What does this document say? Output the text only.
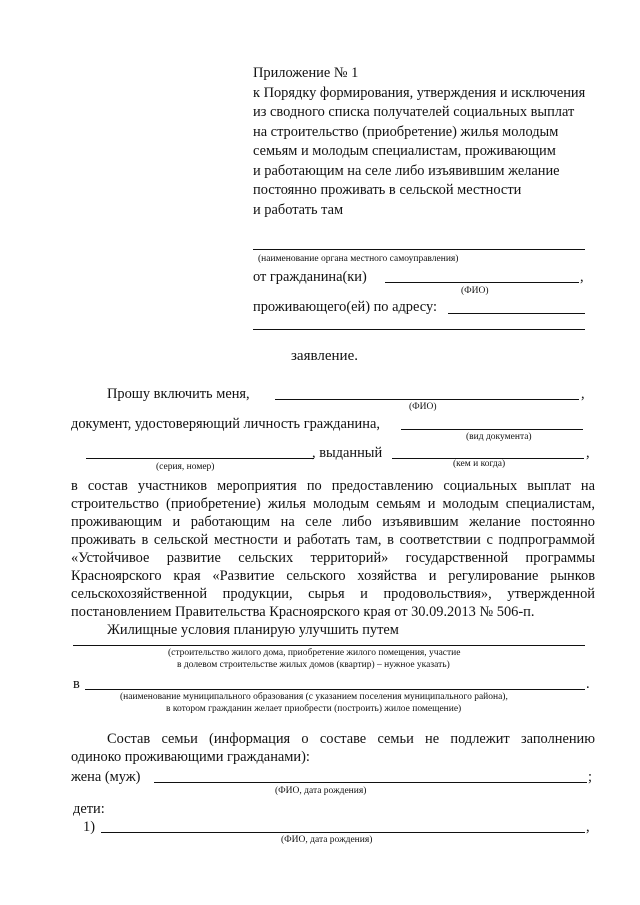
Приложение № 1
к Порядку формирования, утверждения и исключения
из сводного списка получателей социальных выплат
на строительство (приобретение) жилья молодым
семьям и молодым специалистам, проживающим
и работающим на селе либо изъявившим желание
постоянно проживать в сельской местности
и работать там
(наименование органа местного самоуправления)
от гражданина(ки)	,
(ФИО)
проживающего(ей) по адресу:
заявление.
Прошу включить меня,	,
(ФИО)
документ, удостоверяющий личность гражданина,
(вид документа)
, выданный	,
(серия, номер)	(кем и когда)
в состав участников мероприятия по предоставлению социальных выплат на
строительство (приобретение) жилья молодым семьям и молодым специалистам,
проживающим и работающим на селе либо изъявившим желание постоянно
проживать в сельской местности и работать там, в соответствии с подпрограммой
«Устойчивое развитие сельских территорий» государственной программы
Красноярского края «Развитие сельского хозяйства и регулирование рынков
сельскохозяйственной продукции, сырья и продовольствия», утвержденной
постановлением Правительства Красноярского края от 30.09.2013 № 506-п.
Жилищные условия планирую улучшить путем
(строительство жилого дома, приобретение жилого помещения, участие
в долевом строительстве жилых домов (квартир) – нужное указать)
в	.
(наименование муниципального образования (с указанием поселения муниципального района),
в котором гражданин желает приобрести (построить) жилое помещение)
Состав семьи (информация о составе семьи не подлежит заполнению
одиноко проживающими гражданами):
жена (муж)	;
(ФИО, дата рождения)
дети:
1)	,
(ФИО, дата рождения)
